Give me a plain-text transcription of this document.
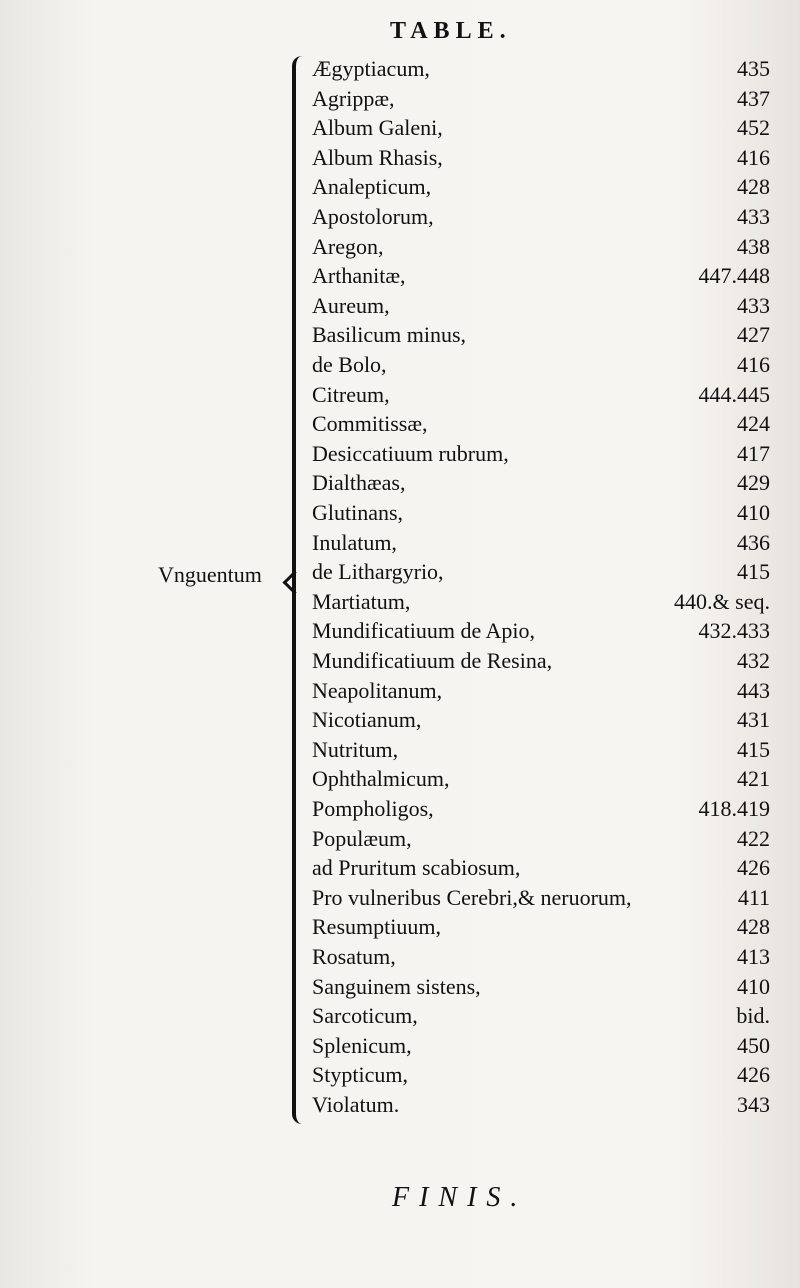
TABLE.
Vnguentum
Ægyptiacum,	435
Agrippæ,	437
Album Galeni,	452
Album Rhasis,	416
Analepticum,	428
Apostolorum,	433
Aregon,	438
Arthanitæ,	447.448
Aureum,	433
Basilicum minus,	427
de Bolo,	416
Citreum,	444.445
Commitissæ,	424
Desiccatiuum rubrum,	417
Dialthæas,	429
Glutinans,	410
Inulatum,	436
de Lithargyrio,	415
Martiatum,	440.& seq.
Mundificatiuum de Apio,	432.433
Mundificatiuum de Resina,	432
Neapolitanum,	443
Nicotianum,	431
Nutritum,	415
Ophthalmicum,	421
Pompholigos,	418.419
Populæum,	422
ad Pruritum scabiosum,	426
Pro vulneribus Cerebri,& neruorum,	411
Resumptiuum,	428
Rosatum,	413
Sanguinem sistens,	410
Sarcoticum,	bid.
Splenicum,	450
Stypticum,	426
Violatum.	343
FINIS.
